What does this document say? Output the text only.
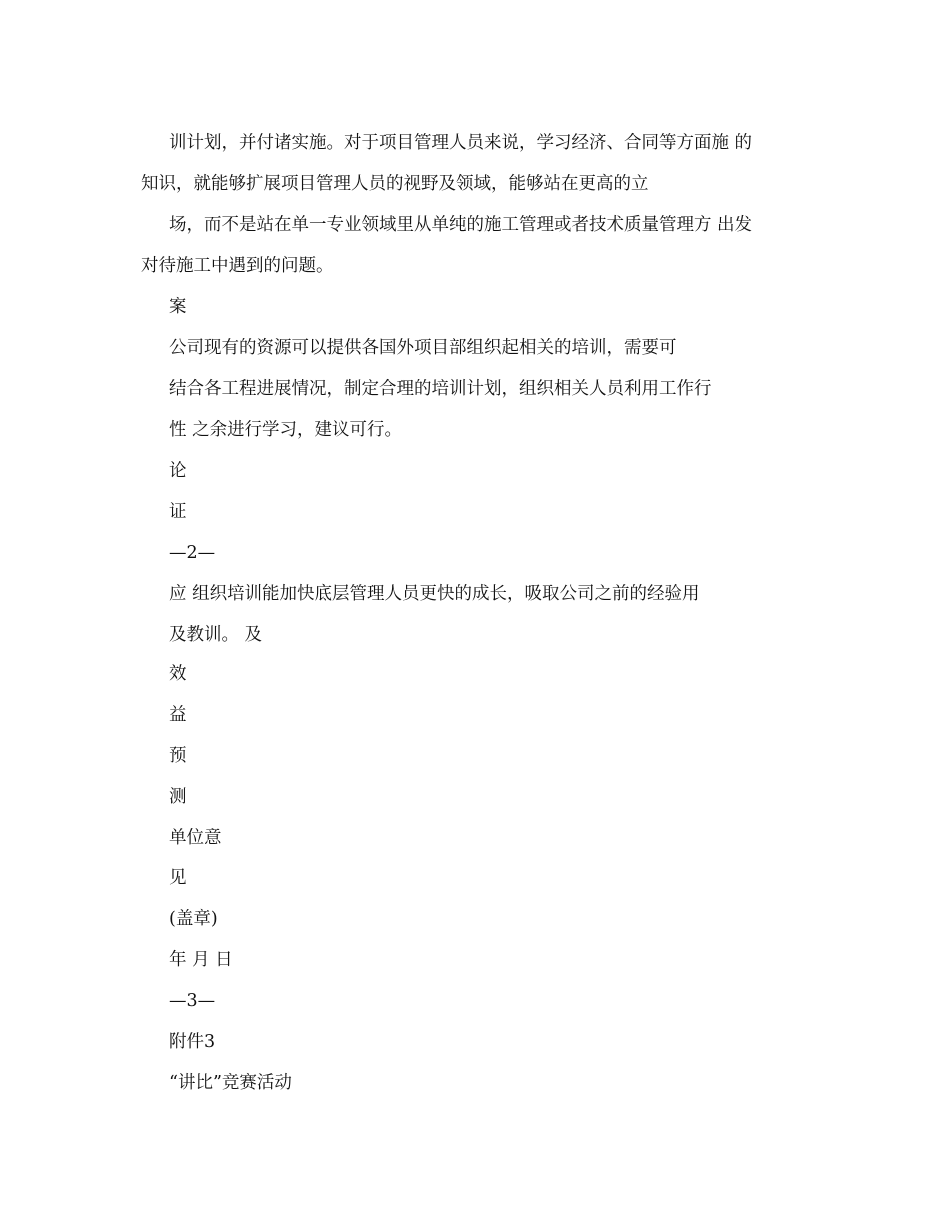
训计划，并付诸实施。对于项目管理人员来说，学习经济、合同等方面施 的
知识，就能够扩展项目管理人员的视野及领域，能够站在更高的立
场，而不是站在单一专业领域里从单纯的施工管理或者技术质量管理方 出发
对待施工中遇到的问题。
案
公司现有的资源可以提供各国外项目部组织起相关的培训，需要可
结合各工程进展情况，制定合理的培训计划，组织相关人员利用工作行
性 之余进行学习，建议可行。
论
证
—2—
应 组织培训能加快底层管理人员更快的成长，吸取公司之前的经验用
及教训。 及
效
益
预
测
单位意
见
(盖章)
年 月 日
—3—
附件3
“讲比”竞赛活动
